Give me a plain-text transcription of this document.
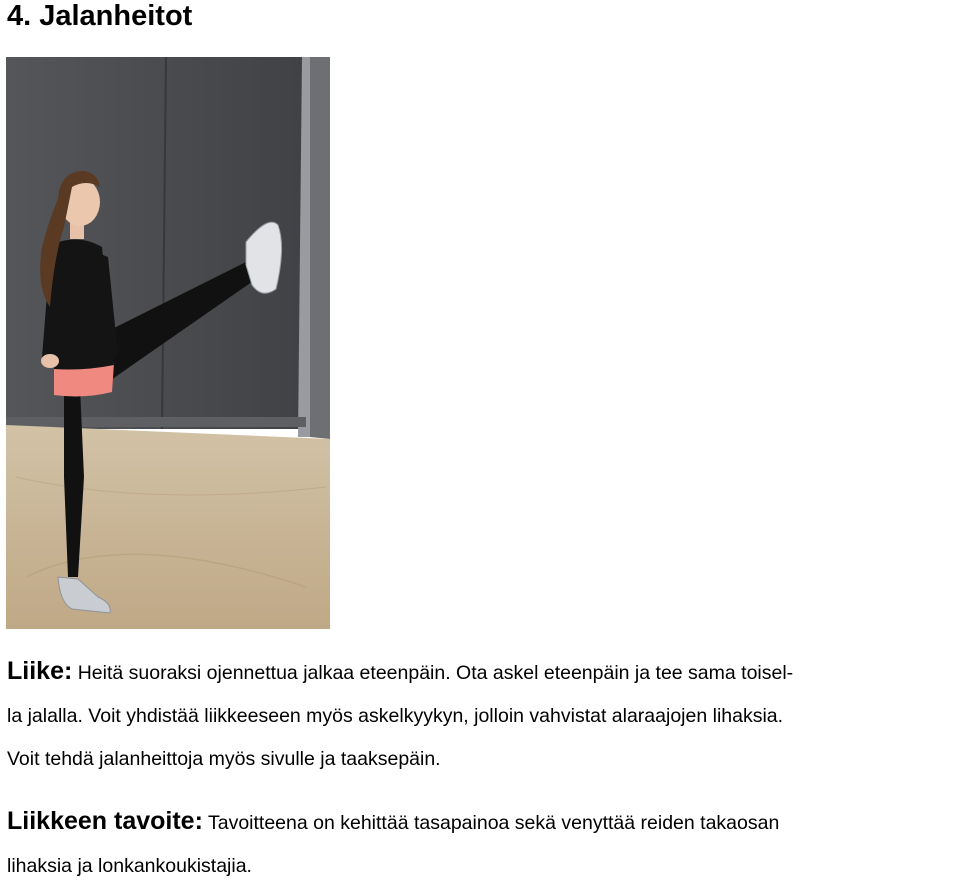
4. Jalanheitot

Liike: Heitä suoraksi ojennettua jalkaa eteenpäin. Ota askel eteenpäin ja tee sama toisel-
la jalalla. Voit yhdistää liikkeeseen myös askelkyykyn, jolloin vahvistat alaraajojen lihaksia.
Voit tehdä jalanheittoja myös sivulle ja taaksepäin.

Liikkeen tavoite: Tavoitteena on kehittää tasapainoa sekä venyttää reiden takaosan
lihaksia ja lonkankoukistajia.
